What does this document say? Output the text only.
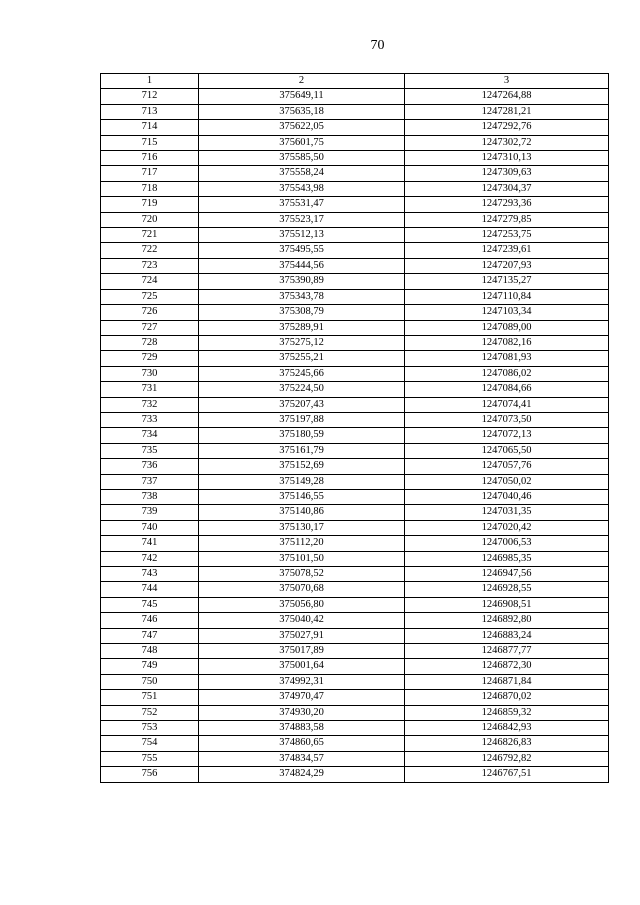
70
1	2	3
712	375649,11	1247264,88
713	375635,18	1247281,21
714	375622,05	1247292,76
715	375601,75	1247302,72
716	375585,50	1247310,13
717	375558,24	1247309,63
718	375543,98	1247304,37
719	375531,47	1247293,36
720	375523,17	1247279,85
721	375512,13	1247253,75
722	375495,55	1247239,61
723	375444,56	1247207,93
724	375390,89	1247135,27
725	375343,78	1247110,84
726	375308,79	1247103,34
727	375289,91	1247089,00
728	375275,12	1247082,16
729	375255,21	1247081,93
730	375245,66	1247086,02
731	375224,50	1247084,66
732	375207,43	1247074,41
733	375197,88	1247073,50
734	375180,59	1247072,13
735	375161,79	1247065,50
736	375152,69	1247057,76
737	375149,28	1247050,02
738	375146,55	1247040,46
739	375140,86	1247031,35
740	375130,17	1247020,42
741	375112,20	1247006,53
742	375101,50	1246985,35
743	375078,52	1246947,56
744	375070,68	1246928,55
745	375056,80	1246908,51
746	375040,42	1246892,80
747	375027,91	1246883,24
748	375017,89	1246877,77
749	375001,64	1246872,30
750	374992,31	1246871,84
751	374970,47	1246870,02
752	374930,20	1246859,32
753	374883,58	1246842,93
754	374860,65	1246826,83
755	374834,57	1246792,82
756	374824,29	1246767,51
